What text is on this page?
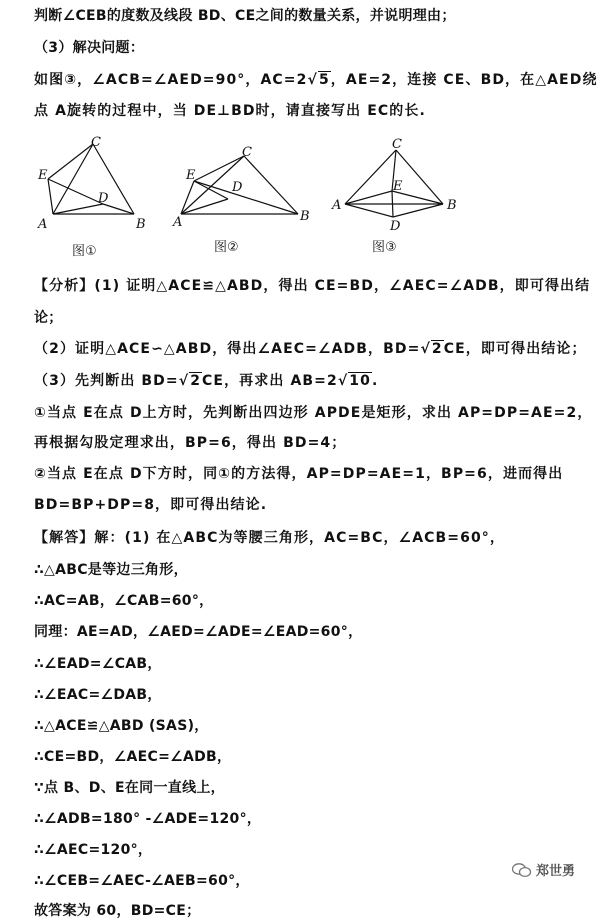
判断∠CEB的度数及线段 BD、CE之间的数量关系，并说明理由；
（3）解决问题：
如图③，∠ACB=∠AED=90°，AC=2√5，AE=2，连接 CE、BD，在△AED绕
点 A旋转的过程中，当 DE⊥BD时，请直接写出 EC的长.
C
E
D
A	B
图①
C
E
D
A	B
图②
C
E
D
A	B
图③
【分析】(1) 证明△ACE≌△ABD，得出 CE=BD，∠AEC=∠ADB，即可得出结
论；
（2）证明△ACE∽△ABD，得出∠AEC=∠ADB，BD=√2CE，即可得出结论；
（3）先判断出 BD=√2CE，再求出 AB=2√10.
①当点 E在点 D上方时，先判断出四边形 APDE是矩形，求出 AP=DP=AE=2，
再根据勾股定理求出，BP=6，得出 BD=4；
②当点 E在点 D下方时，同①的方法得，AP=DP=AE=1，BP=6，进而得出
BD=BP+DP=8，即可得出结论.
【解答】解：(1) 在△ABC为等腰三角形，AC=BC，∠ACB=60°，
∴△ABC是等边三角形，
∴AC=AB，∠CAB=60°，
同理：AE=AD，∠AED=∠ADE=∠EAD=60°，
∴∠EAD=∠CAB，
∴∠EAC=∠DAB，
∴△ACE≌△ABD (SAS)，
∴CE=BD，∠AEC=∠ADB，
∵点 B、D、E在同一直线上，
∴∠ADB=180° -∠ADE=120°，
∴∠AEC=120°，
∴∠CEB=∠AEC-∠AEB=60°，
故答案为 60，BD=CE；
郑世勇
